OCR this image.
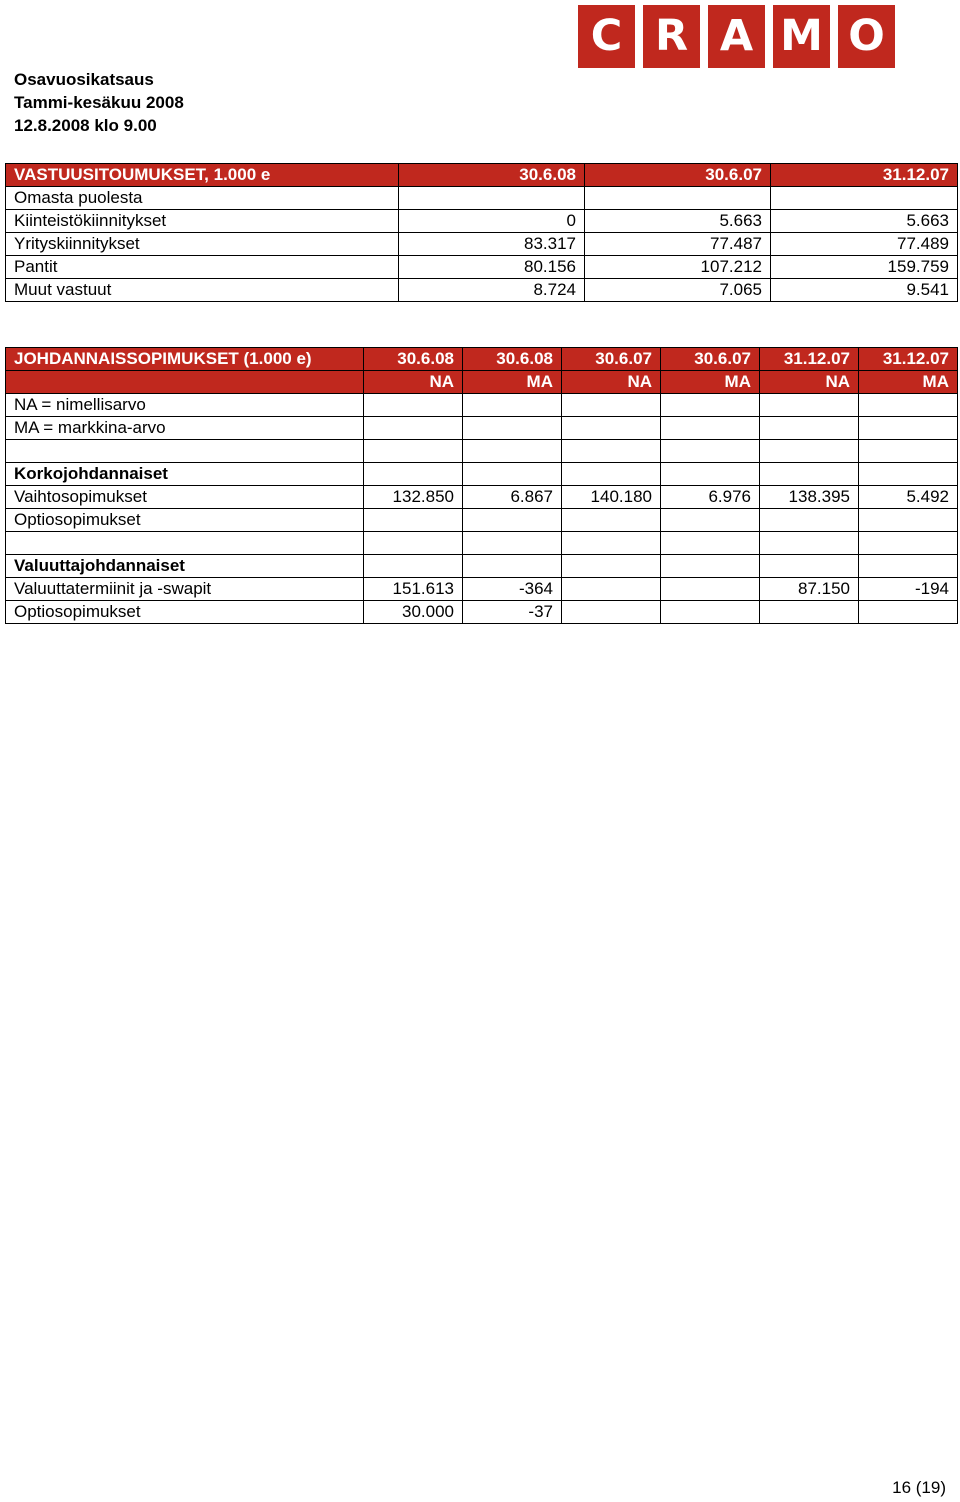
Osavuosikatsaus
Tammi-kesäkuu 2008
12.8.2008 klo 9.00
C R A M O
VASTUUSITOUMUKSET, 1.000 e	30.6.08	30.6.07	31.12.07
Omasta puolesta			
Kiinteistökiinnitykset	0	5.663	5.663
Yrityskiinnitykset	83.317	77.487	77.489
Pantit	80.156	107.212	159.759
Muut vastuut	8.724	7.065	9.541
JOHDANNAISSOPIMUKSET (1.000 e)	30.6.08	30.6.08	30.6.07	30.6.07	31.12.07	31.12.07
	NA	MA	NA	MA	NA	MA
NA = nimellisarvo						
MA = markkina-arvo						

Korkojohdannaiset						
Vaihtosopimukset	132.850	6.867	140.180	6.976	138.395	5.492
Optiosopimukset						

Valuuttajohdannaiset						
Valuuttatermiinit ja -swapit	151.613	-364			87.150	-194
Optiosopimukset	30.000	-37				
16 (19)
